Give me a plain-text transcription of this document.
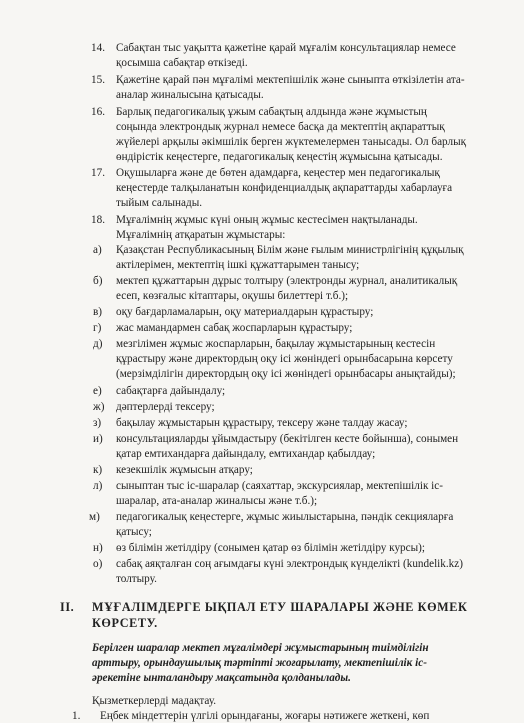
14. Сабақтан тыс уақытта қажетіне қарай мұғалім консультациялар немесе
қосымша сабақтар өткізеді.
15. Қажетіне қарай пән мұғалімі мектепішілік және сыныпта өткізілетін ата-
аналар жиналысына қатысады.
16. Барлық педагогикалық ұжым сабақтың алдында және жұмыстың
соңында электрондық журнал немесе басқа да мектептің ақпараттық
жүйелері арқылы әкімшілік берген жүктемелермен танысады. Ол барлық
өндірістік кеңестерге, педагогикалық кеңестің жұмысына қатысады.
17. Оқушыларға және де бөтен адамдарға, кеңестер мен педагогикалық
кеңестерде талқыланатын конфиденциалдық ақпараттарды хабарлауға
тыйым салынады.
18. Мұғалімнің жұмыс күні оның жұмыс кестесімен нақтыланады.
Мұғалімнің атқаратын жұмыстары:
а) Қазақстан Республикасының Білім және ғылым министрлігінің құқылық
актілерімен, мектептің ішкі құжаттарымен танысу;
б) мектеп құжаттарын дұрыс толтыру (электронды журнал, аналитикалық
есеп, көзғалыс кітаптары, оқушы билеттері т.б.);
в) оқу бағдарламаларын, оқу материалдарын құрастыру;
г) жас мамандармен сабақ жоспарларын құрастыру;
д) мезгілімен жұмыс жоспарларын, бақылау жұмыстарының кестесін
құрастыру және директордың оқу ісі жөніндегі орынбасарына көрсету
(мерзімділігін директордың оқу ісі жөніндегі орынбасары анықтайды);
е) сабақтарға дайындалу;
ж) дәптерлерді тексеру;
з) бақылау жұмыстарын құрастыру, тексеру және талдау жасау;
и) консультацияларды ұйымдастыру (бекітілген кесте бойынша), сонымен
қатар емтихандарға дайындалу, емтихандар қабылдау;
к) кезекшілік жұмысын атқару;
л) сыныптан тыс іс-шаралар (саяхаттар, экскурсиялар, мектепішілік іс-
шаралар, ата-аналар жиналысы және т.б.);
м) педагогикалық кеңестерге, жұмыс жиылыстарына, пәндік секцияларға
қатысу;
н) өз білімін жетілдіру (сонымен қатар өз білімін жетілдіру курсы);
о) сабақ аяқталған соң ағымдағы күні электрондық күнделікті (kundelik.kz)
толтыру.
II. МҰҒАЛІМДЕРГЕ ЫҚПАЛ ЕТУ ШАРАЛАРЫ ЖӘНЕ КӨМЕК
КӨРСЕТУ.
Берілген шаралар мектеп мұғалімдері жұмыстарының тиімділігін
арттыру, орындаушылық тәртіпті жоғарылату, мектепішілік іс-
әрекетіне ынталандыру мақсатында қолданылады.
Қызметкерлерді мадақтау.
1. Еңбек міндеттерін үлгілі орындағаны, жоғары нәтижеге жеткені, көп
